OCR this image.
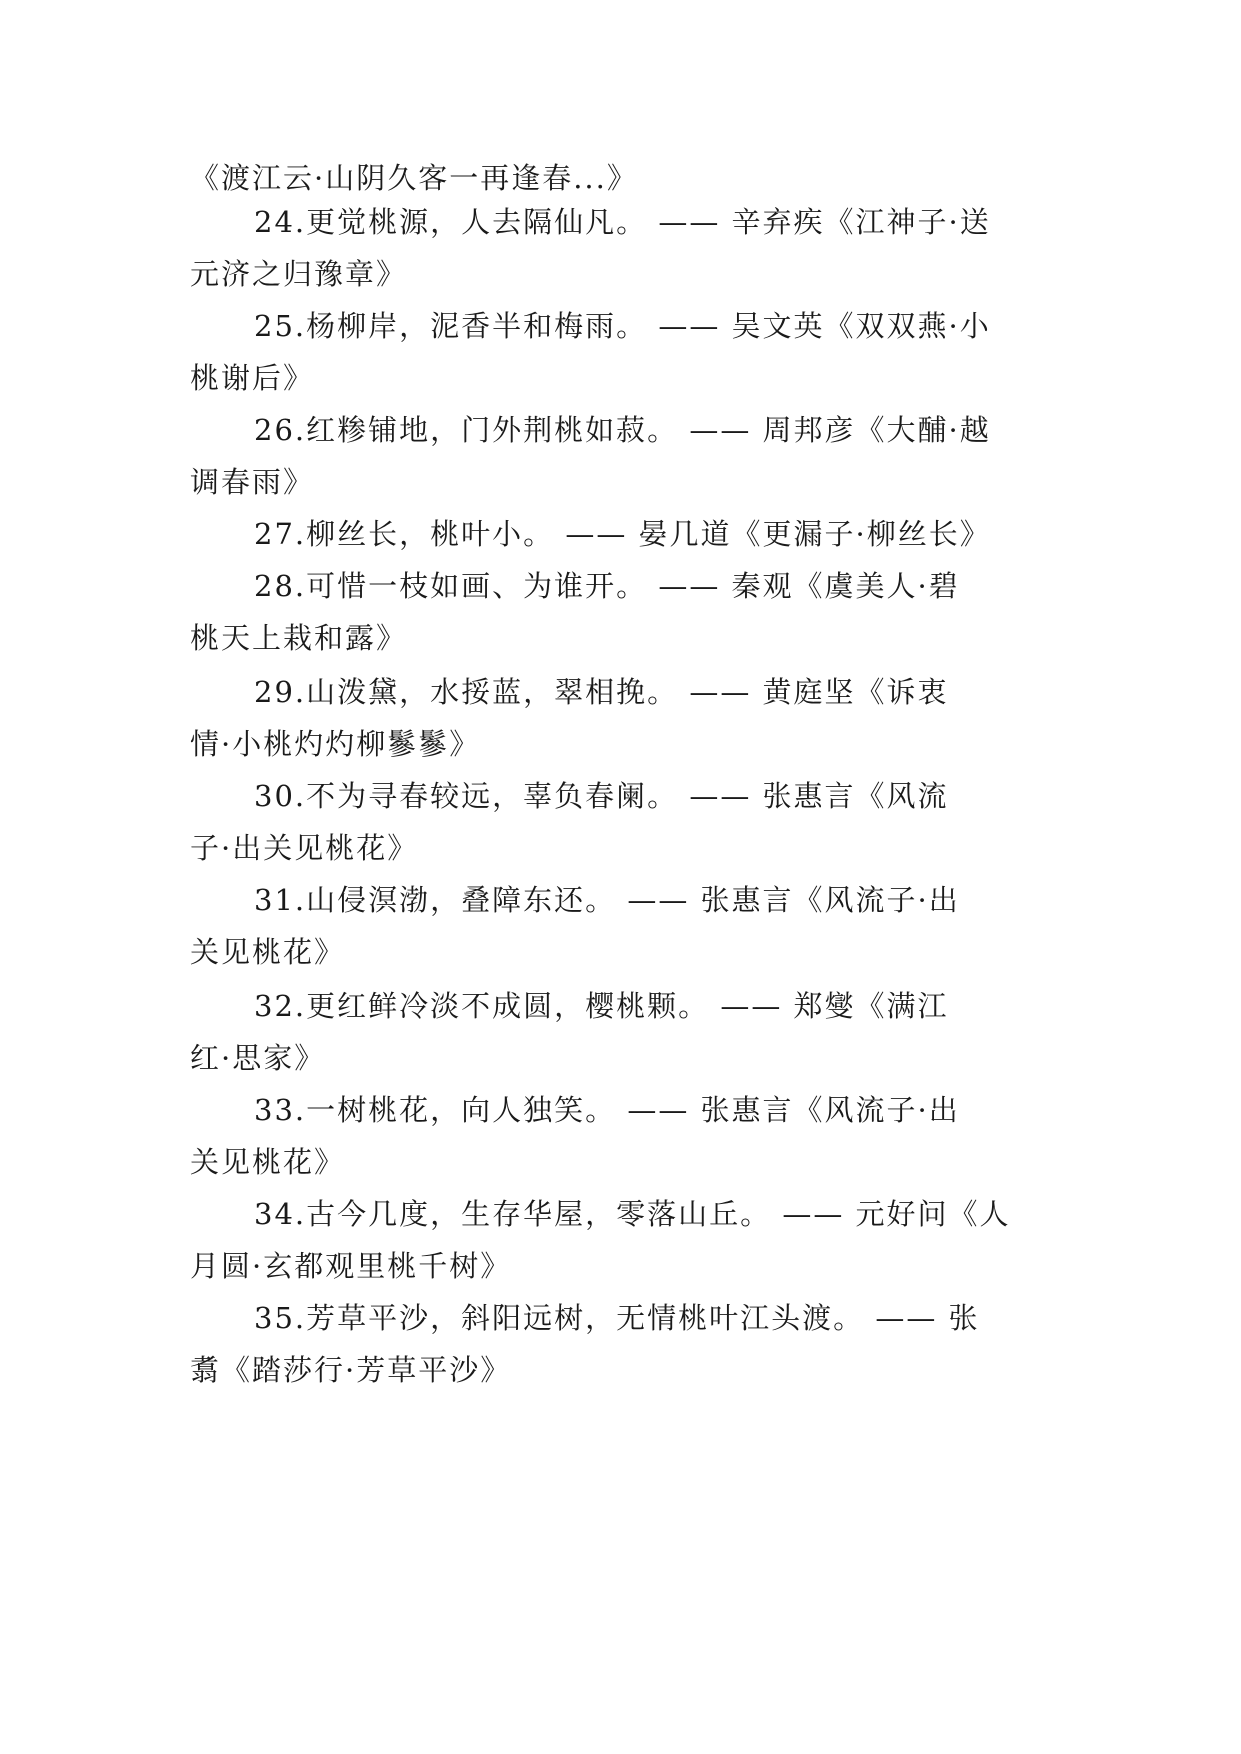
《渡江云·山阴久客一再逢春...》
24.更觉桃源，人去隔仙凡。 —— 辛弃疾《江神子·送
元济之归豫章》
25.杨柳岸，泥香半和梅雨。 —— 吴文英《双双燕·小
桃谢后》
26.红糁铺地，门外荆桃如菽。 —— 周邦彦《大酺·越
调春雨》
27.柳丝长，桃叶小。 —— 晏几道《更漏子·柳丝长》
28.可惜一枝如画、为谁开。 —— 秦观《虞美人·碧
桃天上栽和露》
29.山泼黛，水挼蓝，翠相挽。 —— 黄庭坚《诉衷
情·小桃灼灼柳鬖鬖》
30.不为寻春较远，辜负春阑。 —— 张惠言《风流
子·出关见桃花》
31.山侵溟渤，叠障东还。 —— 张惠言《风流子·出
关见桃花》
32.更红鲜冷淡不成圆，樱桃颗。 —— 郑燮《满江
红·思家》
33.一树桃花，向人独笑。 —— 张惠言《风流子·出
关见桃花》
34.古今几度，生存华屋，零落山丘。 —— 元好问《人
月圆·玄都观里桃千树》
35.芳草平沙，斜阳远树，无情桃叶江头渡。 —— 张
翥《踏莎行·芳草平沙》
